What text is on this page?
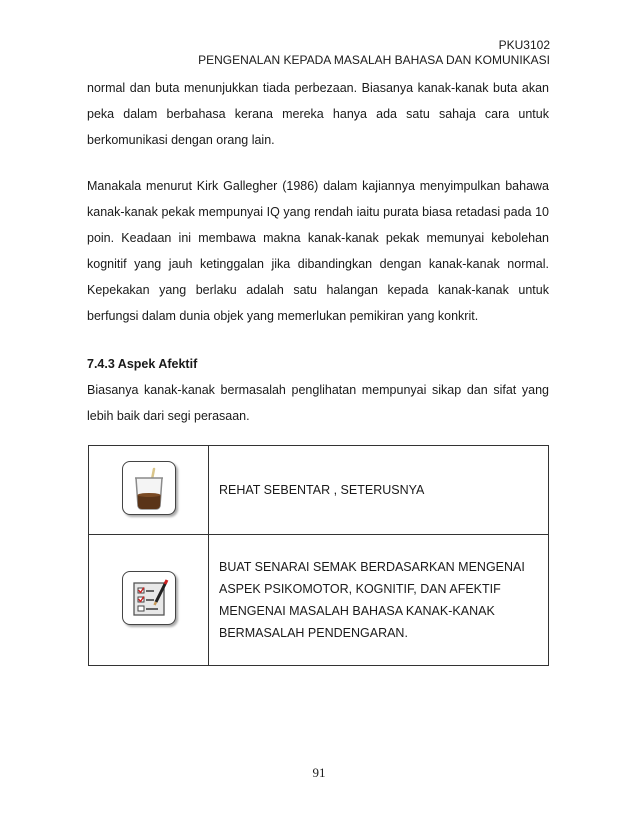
PKU3102
PENGENALAN KEPADA MASALAH BAHASA DAN KOMUNIKASI

normal dan buta menunjukkan tiada perbezaan. Biasanya kanak-kanak buta akan peka dalam berbahasa kerana mereka hanya ada satu sahaja cara untuk berkomunikasi dengan orang lain.

Manakala menurut Kirk Gallegher (1986) dalam kajiannya menyimpulkan bahawa kanak-kanak pekak mempunyai IQ yang rendah iaitu purata biasa retadasi pada 10 poin. Keadaan ini membawa makna kanak-kanak pekak memunyai kebolehan kognitif yang jauh ketinggalan jika dibandingkan dengan kanak-kanak normal. Kepekakan yang berlaku adalah satu halangan kepada kanak-kanak untuk berfungsi dalam dunia objek yang memerlukan pemikiran yang konkrit.

7.4.3 Aspek Afektif

Biasanya kanak-kanak bermasalah penglihatan mempunyai sikap dan sifat yang lebih baik dari segi perasaan.

	REHAT SEBENTAR , SETERUSNYA

	BUAT SENARAI SEMAK BERDASARKAN MENGENAI ASPEK PSIKOMOTOR, KOGNITIF, DAN AFEKTIF MENGENAI MASALAH BAHASA KANAK-KANAK BERMASALAH PENDENGARAN.
91
